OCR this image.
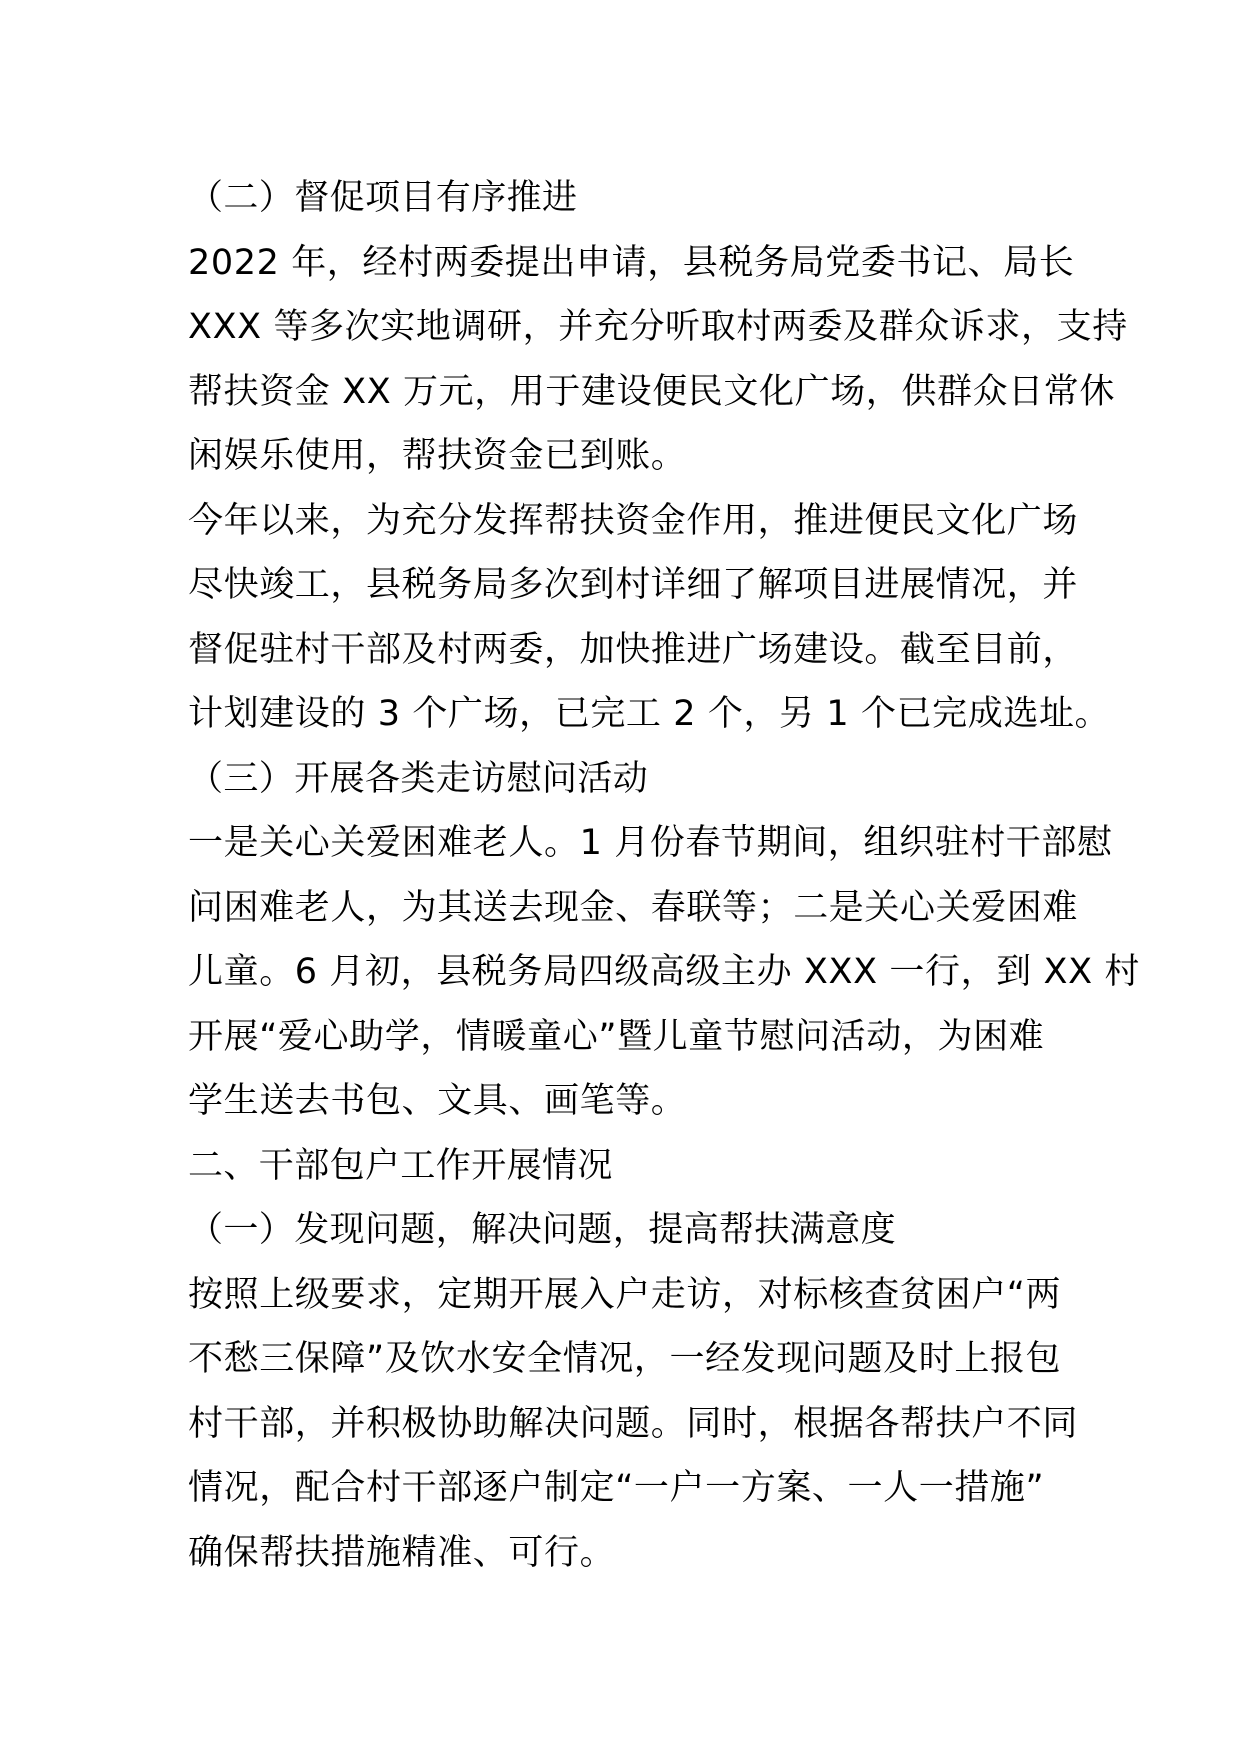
（二）督促项目有序推进
2022 年，经村两委提出申请，县税务局党委书记、局长
XXX 等多次实地调研，并充分听取村两委及群众诉求，支持
帮扶资金 XX 万元，用于建设便民文化广场，供群众日常休
闲娱乐使用，帮扶资金已到账。
今年以来，为充分发挥帮扶资金作用，推进便民文化广场
尽快竣工，县税务局多次到村详细了解项目进展情况，并
督促驻村干部及村两委，加快推进广场建设。截至目前，
计划建设的 3 个广场，已完工 2 个，另 1 个已完成选址。
（三）开展各类走访慰问活动
一是关心关爱困难老人。1 月份春节期间，组织驻村干部慰
问困难老人，为其送去现金、春联等；二是关心关爱困难
儿童。6 月初，县税务局四级高级主办 XXX 一行，到 XX 村
开展“爱心助学，情暖童心”暨儿童节慰问活动，为困难
学生送去书包、文具、画笔等。
二、干部包户工作开展情况
（一）发现问题，解决问题，提高帮扶满意度
按照上级要求，定期开展入户走访，对标核查贫困户“两
不愁三保障”及饮水安全情况，一经发现问题及时上报包
村干部，并积极协助解决问题。同时，根据各帮扶户不同
情况，配合村干部逐户制定“一户一方案、一人一措施”
确保帮扶措施精准、可行。
